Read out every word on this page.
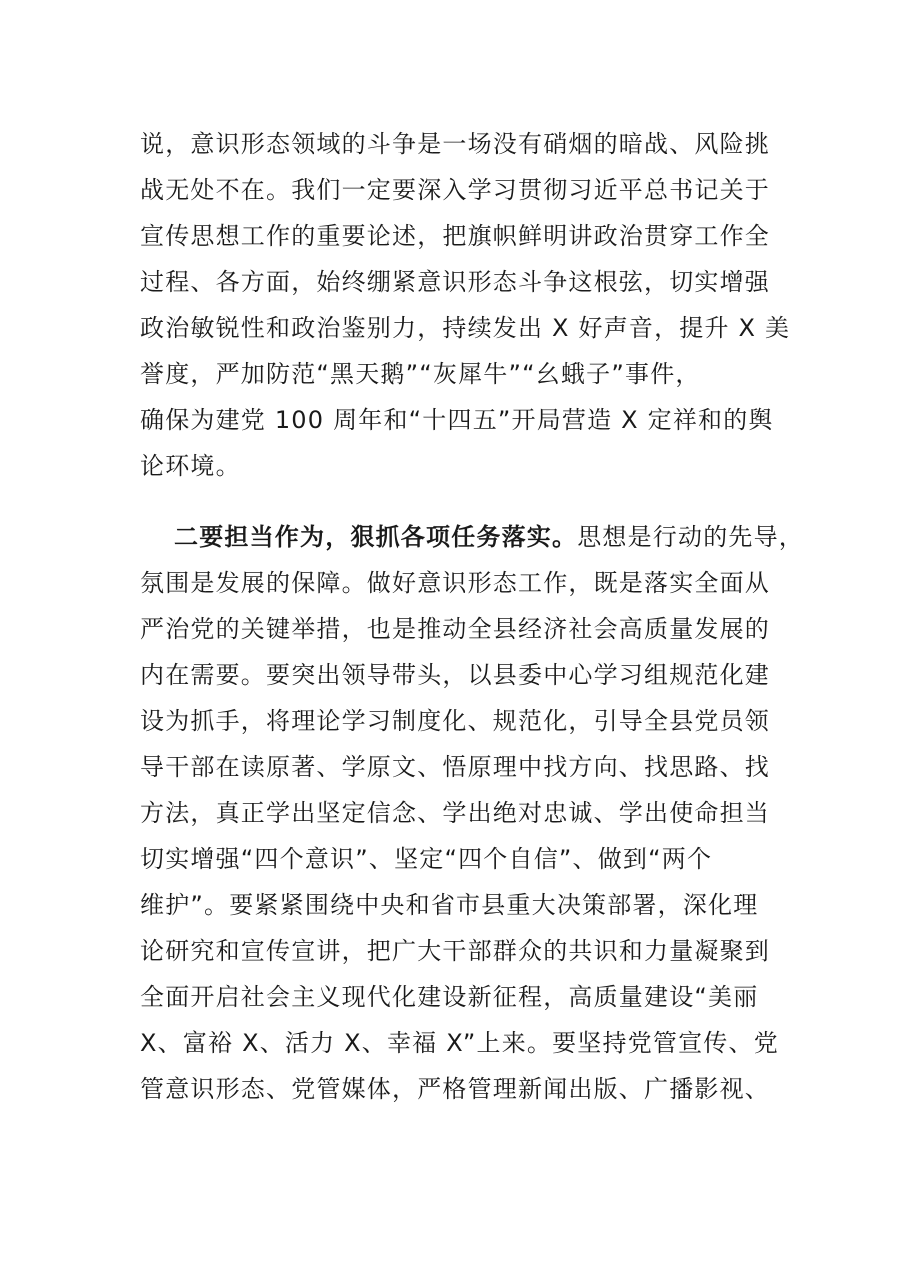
说，意识形态领域的斗争是一场没有硝烟的暗战、风险挑
战无处不在。我们一定要深入学习贯彻习近平总书记关于
宣传思想工作的重要论述，把旗帜鲜明讲政治贯穿工作全
过程、各方面，始终绷紧意识形态斗争这根弦，切实增强
政治敏锐性和政治鉴别力，持续发出 X 好声音，提升 X 美
誉度，严加防范“黑天鹅”“灰犀牛”“幺蛾子”事件，
确保为建党 100 周年和“十四五”开局营造 X 定祥和的舆
论环境。
二要担当作为，狠抓各项任务落实。思想是行动的先导，
氛围是发展的保障。做好意识形态工作，既是落实全面从
严治党的关键举措，也是推动全县经济社会高质量发展的
内在需要。要突出领导带头，以县委中心学习组规范化建
设为抓手，将理论学习制度化、规范化，引导全县党员领
导干部在读原著、学原文、悟原理中找方向、找思路、找
方法，真正学出坚定信念、学出绝对忠诚、学出使命担当
切实增强“四个意识”、坚定“四个自信”、做到“两个
维护”。要紧紧围绕中央和省市县重大决策部署，深化理
论研究和宣传宣讲，把广大干部群众的共识和力量凝聚到
全面开启社会主义现代化建设新征程，高质量建设“美丽
X、富裕 X、活力 X、幸福 X”上来。要坚持党管宣传、党
管意识形态、党管媒体，严格管理新闻出版、广播影视、
